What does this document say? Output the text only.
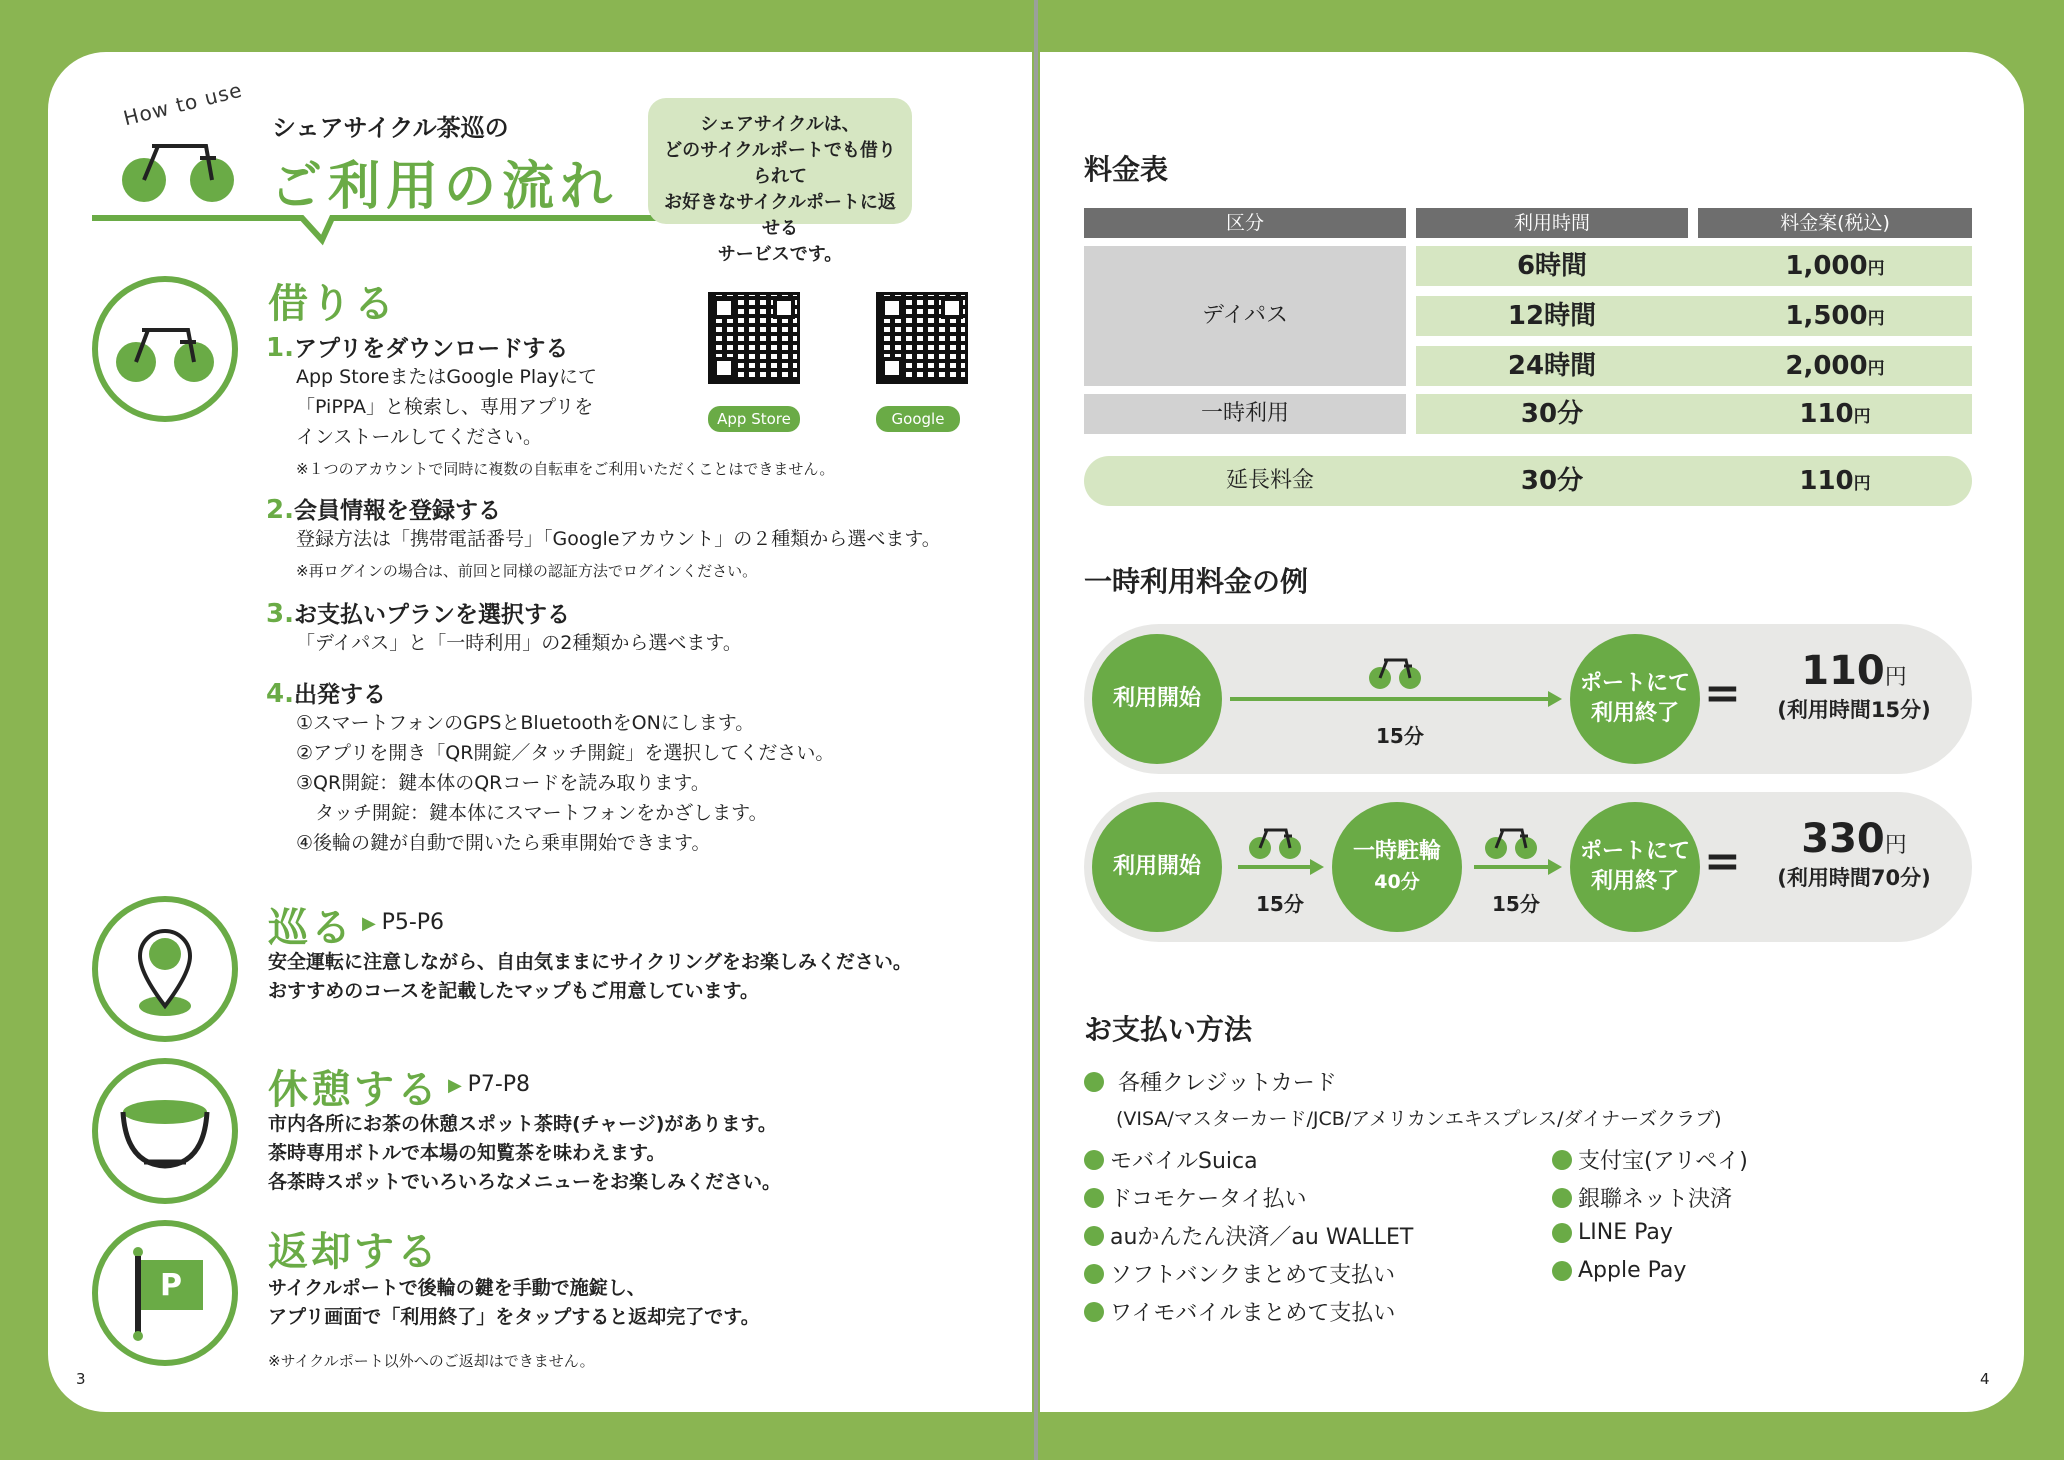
How to use シェアサイクル茶巡の
ご利用の流れ
シェアサイクルは、
どのサイクルポートでも借りられて
お好きなサイクルポートに返せる
サービスです。
借りる
1.アプリをダウンロードする
App StoreまたはGoogle Playにて
「PiPPA」と検索し、専用アプリを
インストールしてください。
※１つのアカウントで同時に複数の自転車をご利用いただくことはできません。
App Store	Google Play
2.会員情報を登録する
登録方法は「携帯電話番号」「Googleアカウント」の２種類から選べます。
※再ログインの場合は、前回と同様の認証方法でログインください。
3.お支払いプランを選択する
「デイパス」と「一時利用」の2種類から選べます。
4.出発する
①スマートフォンのGPSとBluetoothをONにします。
②アプリを開き「QR開錠／タッチ開錠」を選択してください。
③QR開錠：鍵本体のQRコードを読み取ります。
　タッチ開錠：鍵本体にスマートフォンをかざします。
④後輪の鍵が自動で開いたら乗車開始できます。
巡る ▶ P5-P6
安全運転に注意しながら、自由気ままにサイクリングをお楽しみください。
おすすめのコースを記載したマップもご用意しています。
休憩する ▶ P7-P8
市内各所にお茶の休憩スポット茶時(チャージ)があります。
茶時専用ボトルで本場の知覧茶を味わえます。
各茶時スポットでいろいろなメニューをお楽しみください。
P
返却する
サイクルポートで後輪の鍵を手動で施錠し、
アプリ画面で「利用終了」をタップすると返却完了です。
※サイクルポート以外へのご返却はできません。
3
料金表
区分	利用時間	料金案(税込)
デイパス
6時間	1,000円
12時間	1,500円
24時間	2,000円
一時利用	30分	110円
延長料金	30分	110円
一時利用料金の例
利用開始
15分
ポートにて
利用終了 =	110円
(利用時間15分)
利用開始
15分
一時駐輪
40分
15分
ポートにて
利用終了 =	330円
(利用時間70分)
お支払い方法
各種クレジットカード
(VISA/マスターカード/JCB/アメリカンエキスプレス/ダイナーズクラブ)
モバイルSuica
ドコモケータイ払い
auかんたん決済／au WALLET
ソフトバンクまとめて支払い
ワイモバイルまとめて支払い
支付宝(アリペイ)
銀聯ネット決済
LINE Pay
Apple Pay
4
